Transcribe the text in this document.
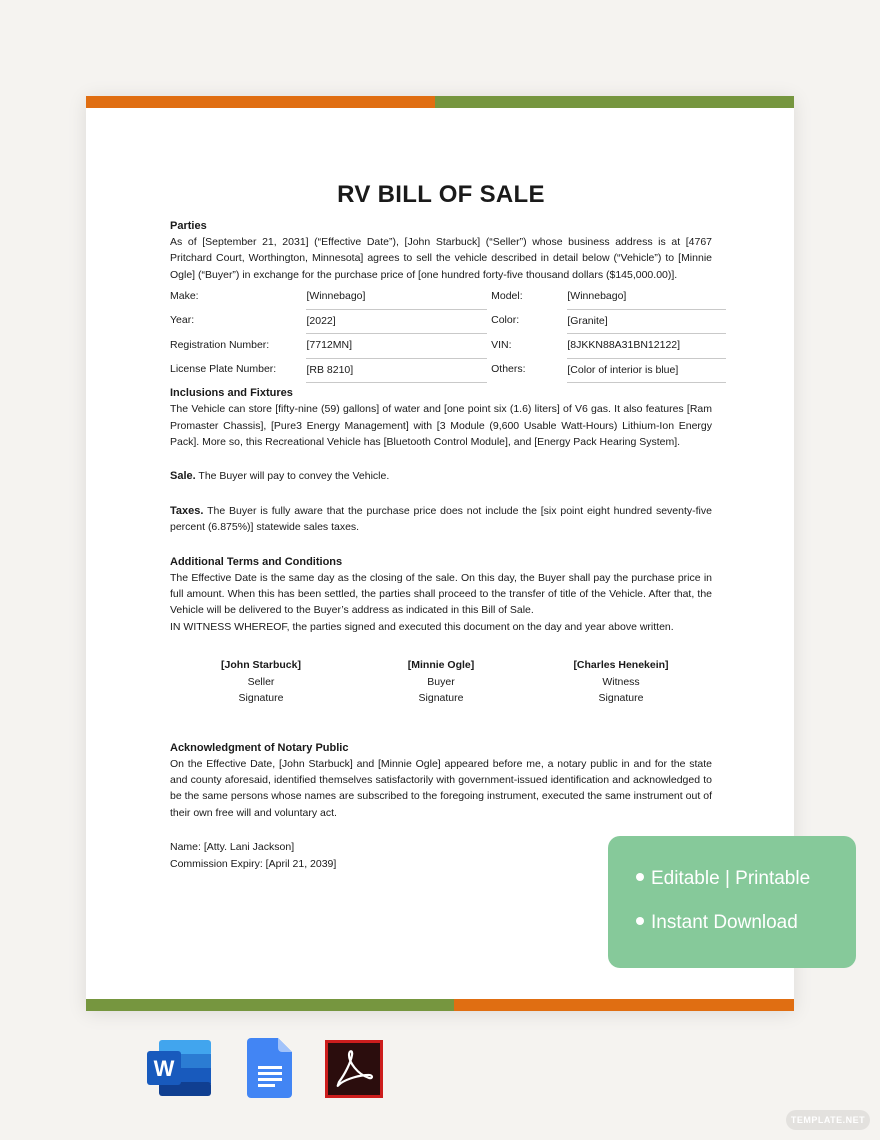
RV BILL OF SALE
Parties

As of [September 21, 2031] (“Effective Date”), [John Starbuck] (“Seller”) whose business address is at [4767 Pritchard Court, Worthington, Minnesota] agrees to sell the vehicle described in detail below (“Vehicle”) to [Minnie Ogle] (“Buyer”) in exchange for the purchase price of [one hundred forty-five thousand dollars ($145,000.00)].

Make:	[Winnebago]		Model:	[Winnebago]
Year:	[2022]		Color:	[Granite]
Registration Number:	[7712MN]		VIN:	[8JKKN88A31BN12122]
License Plate Number:	[RB 8210]		Others:	[Color of interior is blue]
Inclusions and Fixtures

The Vehicle can store [fifty-nine (59) gallons] of water and [one point six (1.6) liters] of V6 gas. It also features [Ram Promaster Chassis], [Pure3 Energy Management] with [3 Module (9,600 Usable Watt-Hours) Lithium-Ion Energy Pack]. More so, this Recreational Vehicle has [Bluetooth Control Module], and [Energy Pack Hearing System].

Sale. The Buyer will pay to convey the Vehicle.

Taxes. The Buyer is fully aware that the purchase price does not include the [six point eight hundred seventy-five percent (6.875%)] statewide sales taxes.

Additional Terms and Conditions

The Effective Date is the same day as the closing of the sale. On this day, the Buyer shall pay the purchase price in full amount. When this has been settled, the parties shall proceed to the transfer of title of the Vehicle. After that, the Vehicle will be delivered to the Buyer’s address as indicated in this Bill of Sale.

IN WITNESS WHEREOF, the parties signed and executed this document on the day and year above written.

[John Starbuck]
Seller
Signature
[Minnie Ogle]
Buyer
Signature
[Charles Henekein]
Witness
Signature
Acknowledgment of Notary Public

On the Effective Date, [John Starbuck] and [Minnie Ogle] appeared before me, a notary public in and for the state and county aforesaid, identified themselves satisfactorily with government-issued identification and acknowledged to be the same persons whose names are subscribed to the foregoing instrument, executed the same instrument out of their own free will and voluntary act.

Name: [Atty. Lani Jackson]

Commission Expiry: [April 21, 2039]

Editable | Printable
Instant Download
W
TEMPLATE.NET
